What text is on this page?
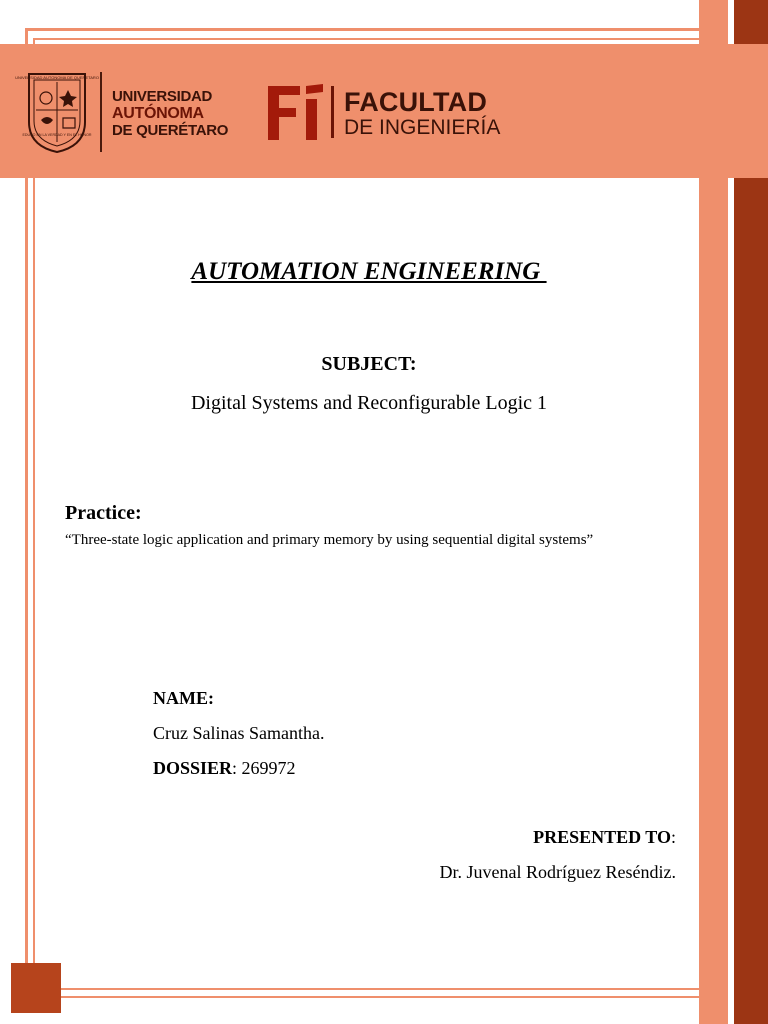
UNIVERSIDAD AUTONOMA DE QUERETARO
EDUCO EN LA VERDAD Y EN EL HONOR
UNIVERSIDAD
AUTÓNOMA
DE QUERÉTARO
FACULTAD
DE INGENIERÍA
AUTOMATION ENGINEERING
SUBJECT:
Digital Systems and Reconfigurable Logic 1
Practice:
“Three-state logic application and primary memory by using sequential digital systems”
NAME:
Cruz Salinas Samantha.
DOSSIER: 269972
PRESENTED TO:
Dr. Juvenal Rodríguez Reséndiz.
